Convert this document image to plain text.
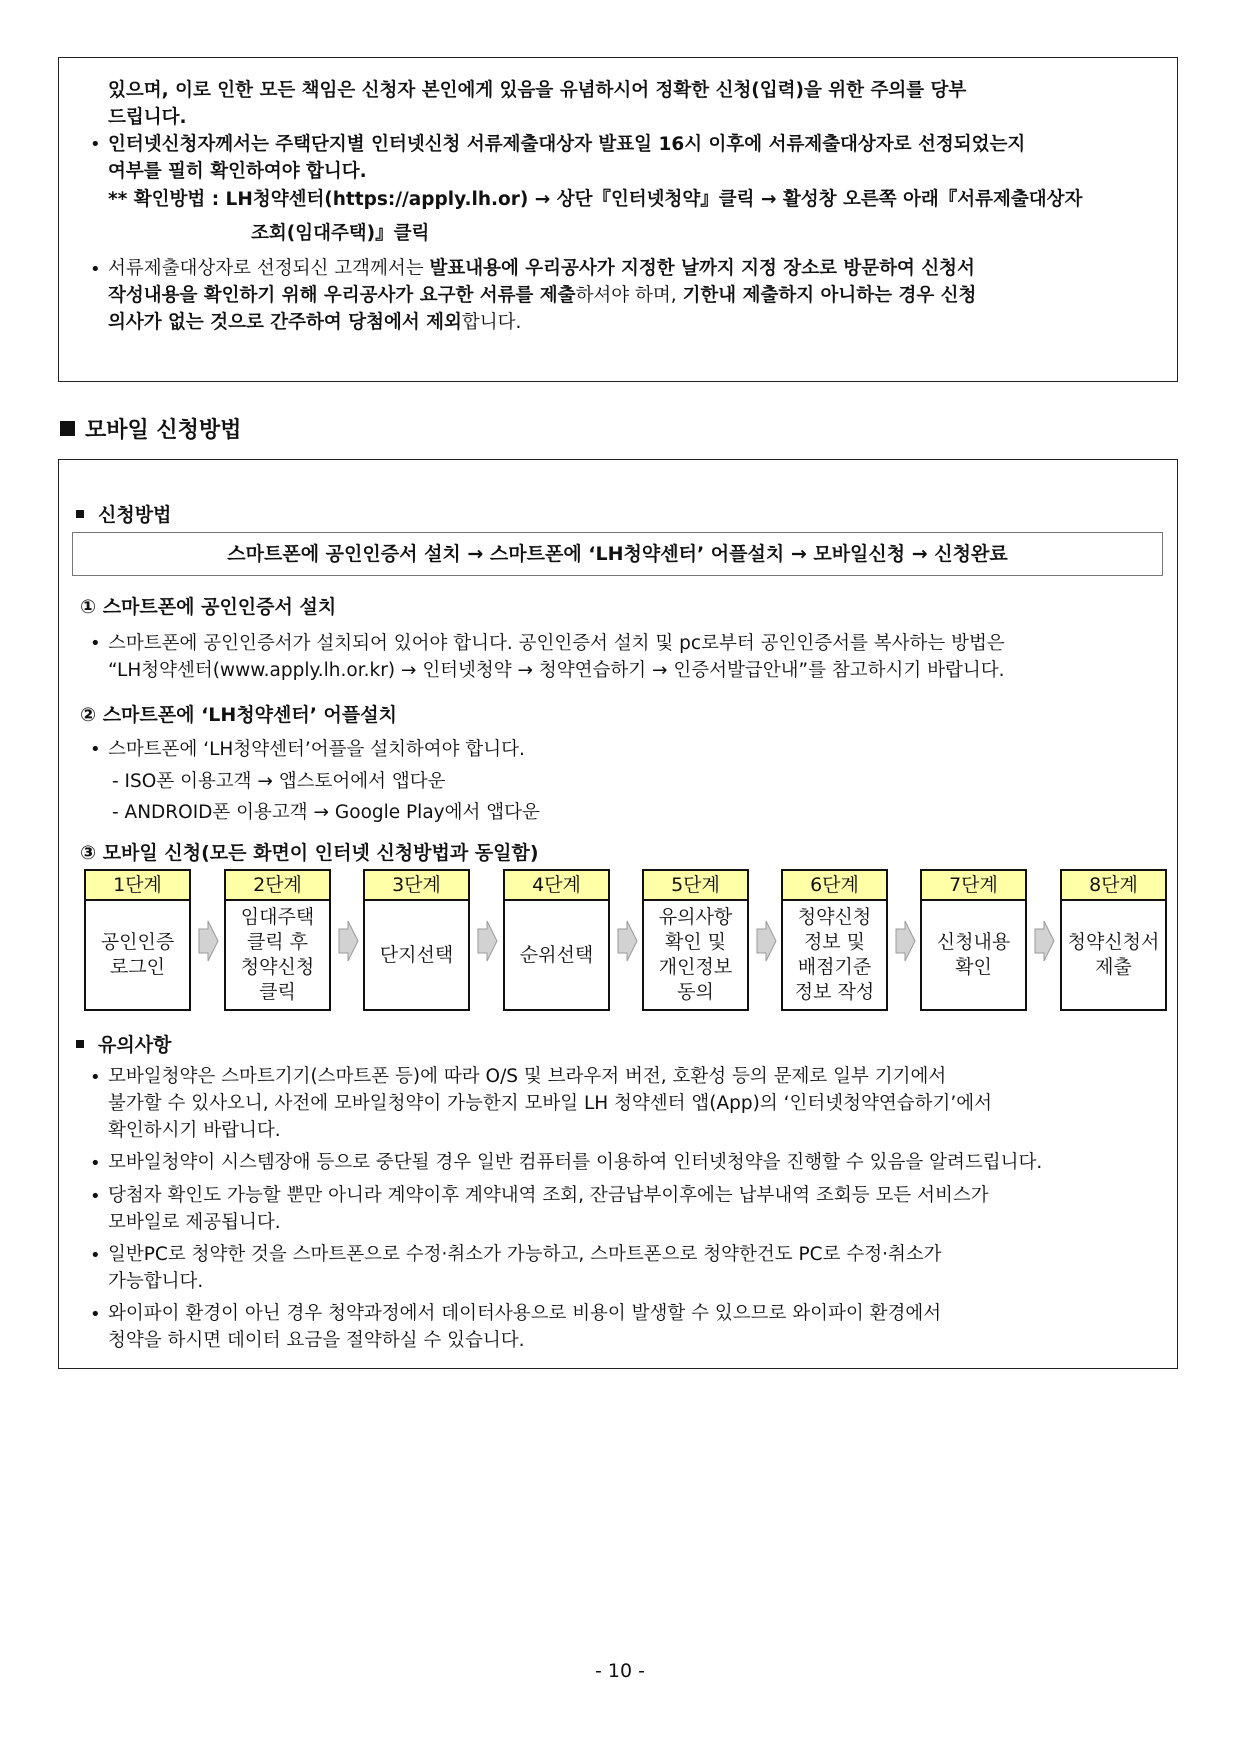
있으며, 이로 인한 모든 책임은 신청자 본인에게 있음을 유념하시어 정확한 신청(입력)을 위한 주의를 당부
드립니다.
• 인터넷신청자께서는 주택단지별 인터넷신청 서류제출대상자 발표일 16시 이후에 서류제출대상자로 선정되었는지
여부를 필히 확인하여야 합니다.
** 확인방법 : LH청약센터(https://apply.lh.or) → 상단『인터넷청약』클릭 → 활성창 오른쪽 아래『서류제출대상자
조회(임대주택)』클릭
• 서류제출대상자로 선정되신 고객께서는 발표내용에 우리공사가 지정한 날까지 지정 장소로 방문하여 신청서
작성내용을 확인하기 위해 우리공사가 요구한 서류를 제출하셔야 하며, 기한내 제출하지 아니하는 경우 신청
의사가 없는 것으로 간주하여 당첨에서 제외합니다.
모바일 신청방법
신청방법
스마트폰에 공인인증서 설치 → 스마트폰에 ‘LH청약센터’ 어플설치 → 모바일신청 → 신청완료
① 스마트폰에 공인인증서 설치
• 스마트폰에 공인인증서가 설치되어 있어야 합니다. 공인인증서 설치 및 pc로부터 공인인증서를 복사하는 방법은
“LH청약센터(www.apply.lh.or.kr) → 인터넷청약 → 청약연습하기 → 인증서발급안내”를 참고하시기 바랍니다.
② 스마트폰에 ‘LH청약센터’ 어플설치
• 스마트폰에 ‘LH청약센터’어플을 설치하여야 합니다.
- ISO폰 이용고객 → 앱스토어에서 앱다운
- ANDROID폰 이용고객 → Google Play에서 앱다운
③ 모바일 신청(모든 화면이 인터넷 신청방법과 동일함)
1단계
공인인증
로그인
2단계
임대주택
클릭 후
청약신청
클릭
3단계
단지선택
4단계
순위선택
5단계
유의사항
확인 및
개인정보
동의
6단계
청약신청
정보 및
배점기준
정보 작성
7단계
신청내용
확인
8단계
청약신청서
제출
유의사항
• 모바일청약은 스마트기기(스마트폰 등)에 따라 O/S 및 브라우저 버전, 호환성 등의 문제로 일부 기기에서
불가할 수 있사오니, 사전에 모바일청약이 가능한지 모바일 LH 청약센터 앱(App)의 ‘인터넷청약연습하기’에서
확인하시기 바랍니다.
• 모바일청약이 시스템장애 등으로 중단될 경우 일반 컴퓨터를 이용하여 인터넷청약을 진행할 수 있음을 알려드립니다.
• 당첨자 확인도 가능할 뿐만 아니라 계약이후 계약내역 조회, 잔금납부이후에는 납부내역 조회등 모든 서비스가
모바일로 제공됩니다.
• 일반PC로 청약한 것을 스마트폰으로 수정·취소가 가능하고, 스마트폰으로 청약한건도 PC로 수정·취소가
가능합니다.
• 와이파이 환경이 아닌 경우 청약과정에서 데이터사용으로 비용이 발생할 수 있으므로 와이파이 환경에서
청약을 하시면 데이터 요금을 절약하실 수 있습니다.
- 10 -
